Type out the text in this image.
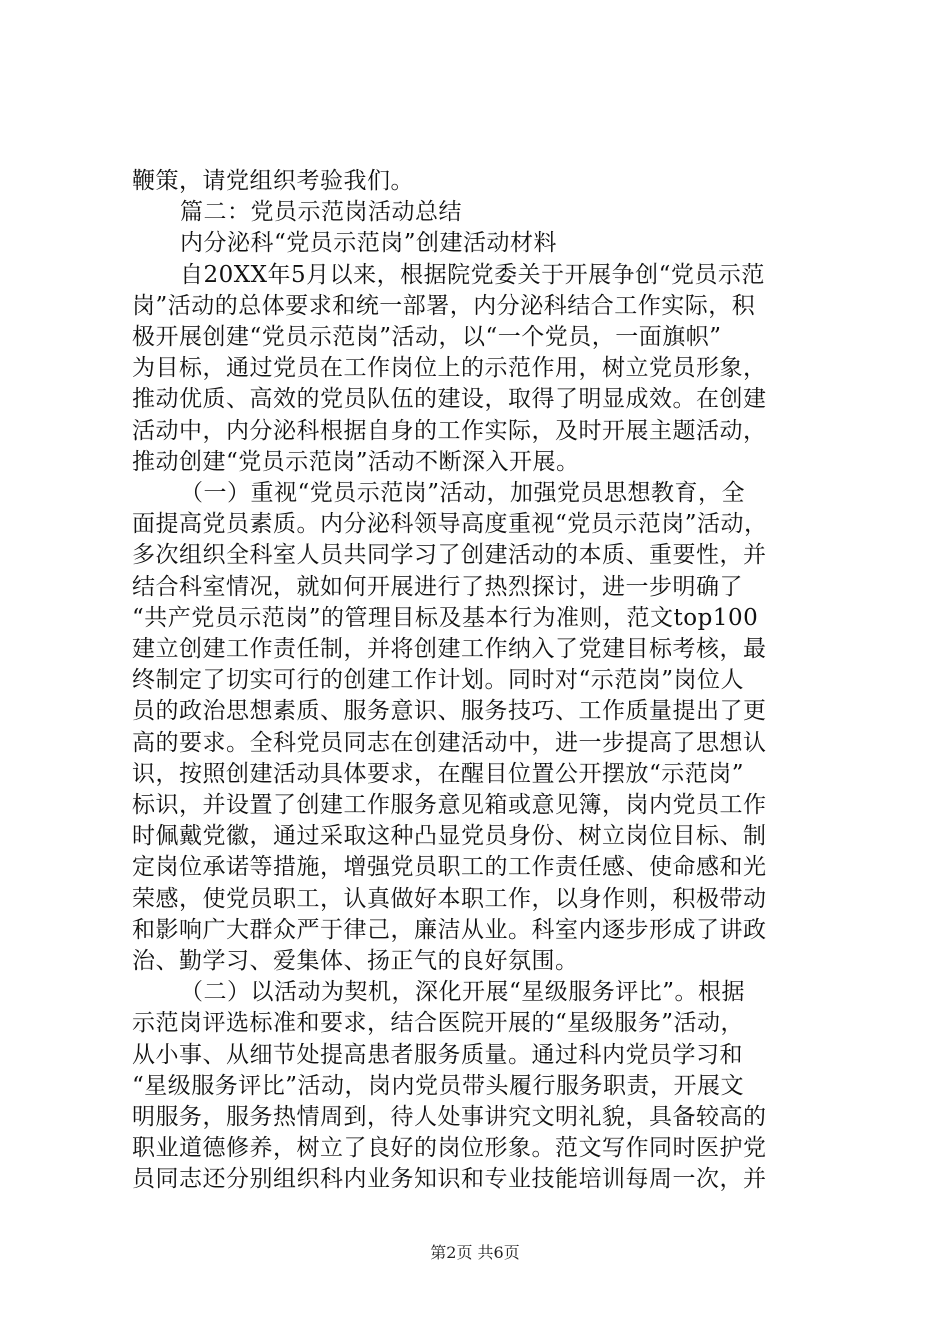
鞭策，请党组织考验我们。
篇二：党员示范岗活动总结
内分泌科“党员示范岗”创建活动材料
自20XX年5月以来，根据院党委关于开展争创“党员示范
岗”活动的总体要求和统一部署，内分泌科结合工作实际，积
极开展创建“党员示范岗”活动，以“一个党员，一面旗帜”
为目标，通过党员在工作岗位上的示范作用，树立党员形象，
推动优质、高效的党员队伍的建设，取得了明显成效。在创建
活动中，内分泌科根据自身的工作实际，及时开展主题活动，
推动创建“党员示范岗”活动不断深入开展。
（一）重视“党员示范岗”活动，加强党员思想教育，全
面提高党员素质。内分泌科领导高度重视“党员示范岗”活动，
多次组织全科室人员共同学习了创建活动的本质、重要性，并
结合科室情况，就如何开展进行了热烈探讨，进一步明确了
“共产党员示范岗”的管理目标及基本行为准则，范文top100
建立创建工作责任制，并将创建工作纳入了党建目标考核，最
终制定了切实可行的创建工作计划。同时对“示范岗”岗位人
员的政治思想素质、服务意识、服务技巧、工作质量提出了更
高的要求。全科党员同志在创建活动中，进一步提高了思想认
识，按照创建活动具体要求，在醒目位置公开摆放“示范岗”
标识，并设置了创建工作服务意见箱或意见簿，岗内党员工作
时佩戴党徽，通过采取这种凸显党员身份、树立岗位目标、制
定岗位承诺等措施，增强党员职工的工作责任感、使命感和光
荣感，使党员职工，认真做好本职工作，以身作则，积极带动
和影响广大群众严于律己，廉洁从业。科室内逐步形成了讲政
治、勤学习、爱集体、扬正气的良好氛围。
（二）以活动为契机，深化开展“星级服务评比”。根据
示范岗评选标准和要求，结合医院开展的“星级服务”活动，
从小事、从细节处提高患者服务质量。通过科内党员学习和
“星级服务评比”活动，岗内党员带头履行服务职责，开展文
明服务，服务热情周到，待人处事讲究文明礼貌，具备较高的
职业道德修养，树立了良好的岗位形象。范文写作同时医护党
员同志还分别组织科内业务知识和专业技能培训每周一次，并
第2页 共6页
